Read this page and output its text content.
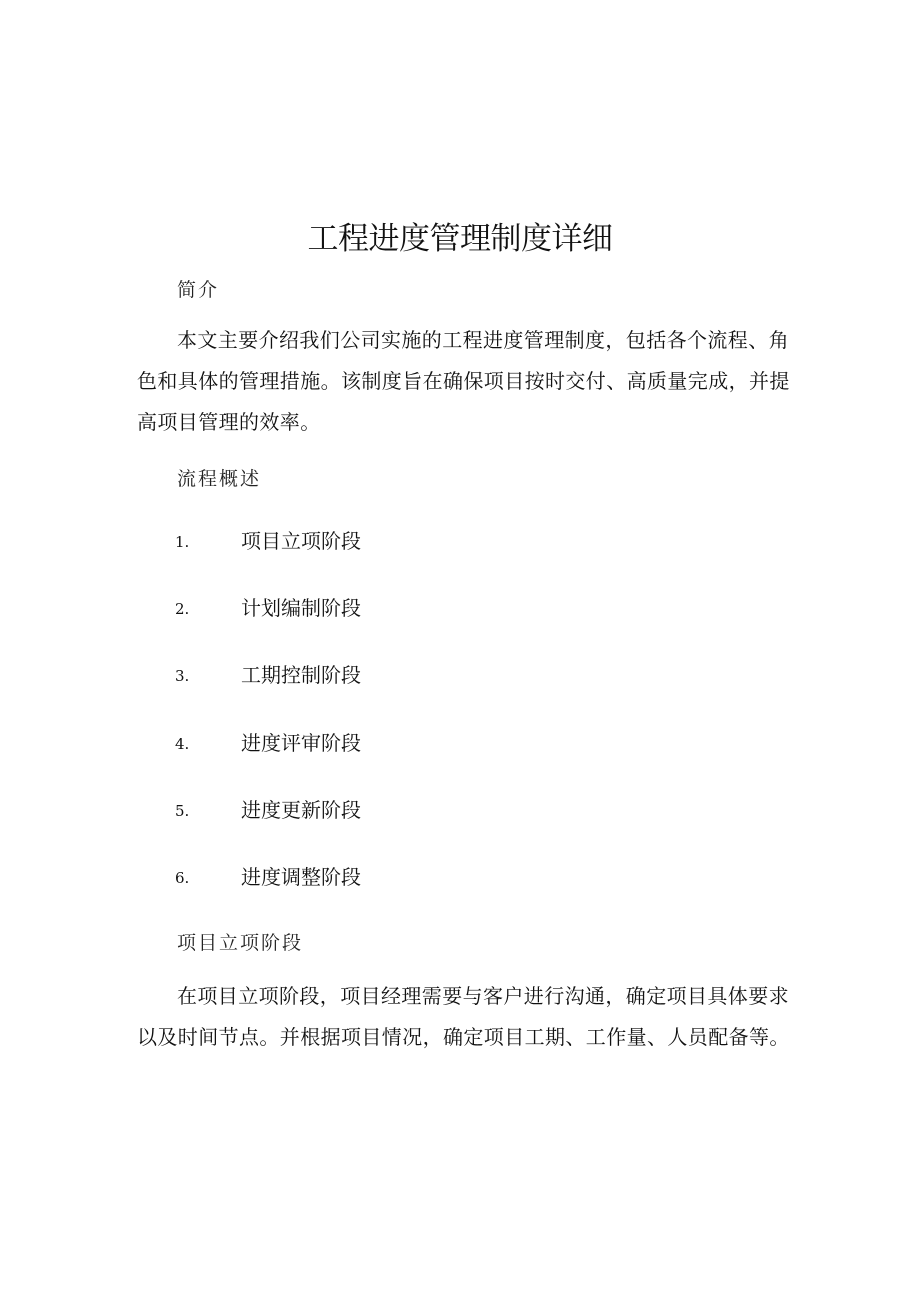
工程进度管理制度详细
简介

本文主要介绍我们公司实施的工程进度管理制度，包括各个流程、角色和具体的管理措施。该制度旨在确保项目按时交付、高质量完成，并提高项目管理的效率。

流程概述
1.	项目立项阶段
2.	计划编制阶段
3.	工期控制阶段
4.	进度评审阶段
5.	进度更新阶段
6.	进度调整阶段
项目立项阶段

在项目立项阶段，项目经理需要与客户进行沟通，确定项目具体要求以及时间节点。并根据项目情况，确定项目工期、工作量、人员配备等。
